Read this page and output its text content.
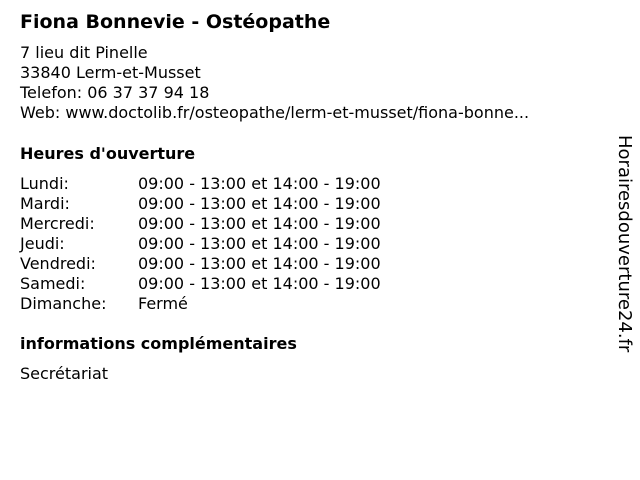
Fiona Bonnevie - Ostéopathe
7 lieu dit Pinelle
33840 Lerm-et-Musset
Telefon: 06 37 37 94 18
Web: www.doctolib.fr/osteopathe/lerm-et-musset/fiona-bonne...
Heures d'ouverture
Lundi:	09:00 - 13:00 et 14:00 - 19:00
Mardi:	09:00 - 13:00 et 14:00 - 19:00
Mercredi:	09:00 - 13:00 et 14:00 - 19:00
Jeudi:	09:00 - 13:00 et 14:00 - 19:00
Vendredi:	09:00 - 13:00 et 14:00 - 19:00
Samedi:	09:00 - 13:00 et 14:00 - 19:00
Dimanche:	Fermé
informations complémentaires
Secrétariat
Horairesdouverture24.fr
